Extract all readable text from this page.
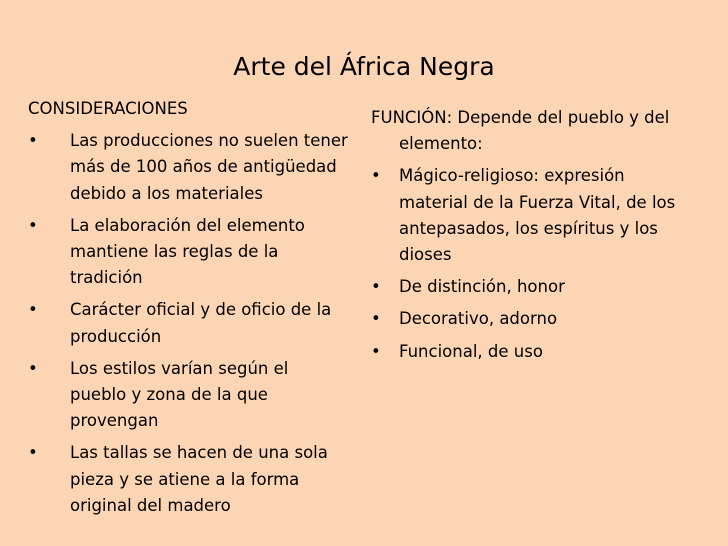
Arte del África Negra

CONSIDERACIONES

•	Las producciones no suelen tener más de 100 años de antigüedad debido a los materiales
•	La elaboración del elemento mantiene las reglas de la tradición
•	Carácter oficial y de oficio de la producción
•	Los estilos varían según el pueblo y zona de la que provengan
•	Las tallas se hacen de una sola pieza y se atiene a la forma original del madero

FUNCIÓN: Depende del pueblo y del elemento:

•	Mágico-religioso: expresión material de la Fuerza Vital, de los antepasados, los espíritus y los dioses
•	De distinción, honor
•	Decorativo, adorno
•	Funcional, de uso
